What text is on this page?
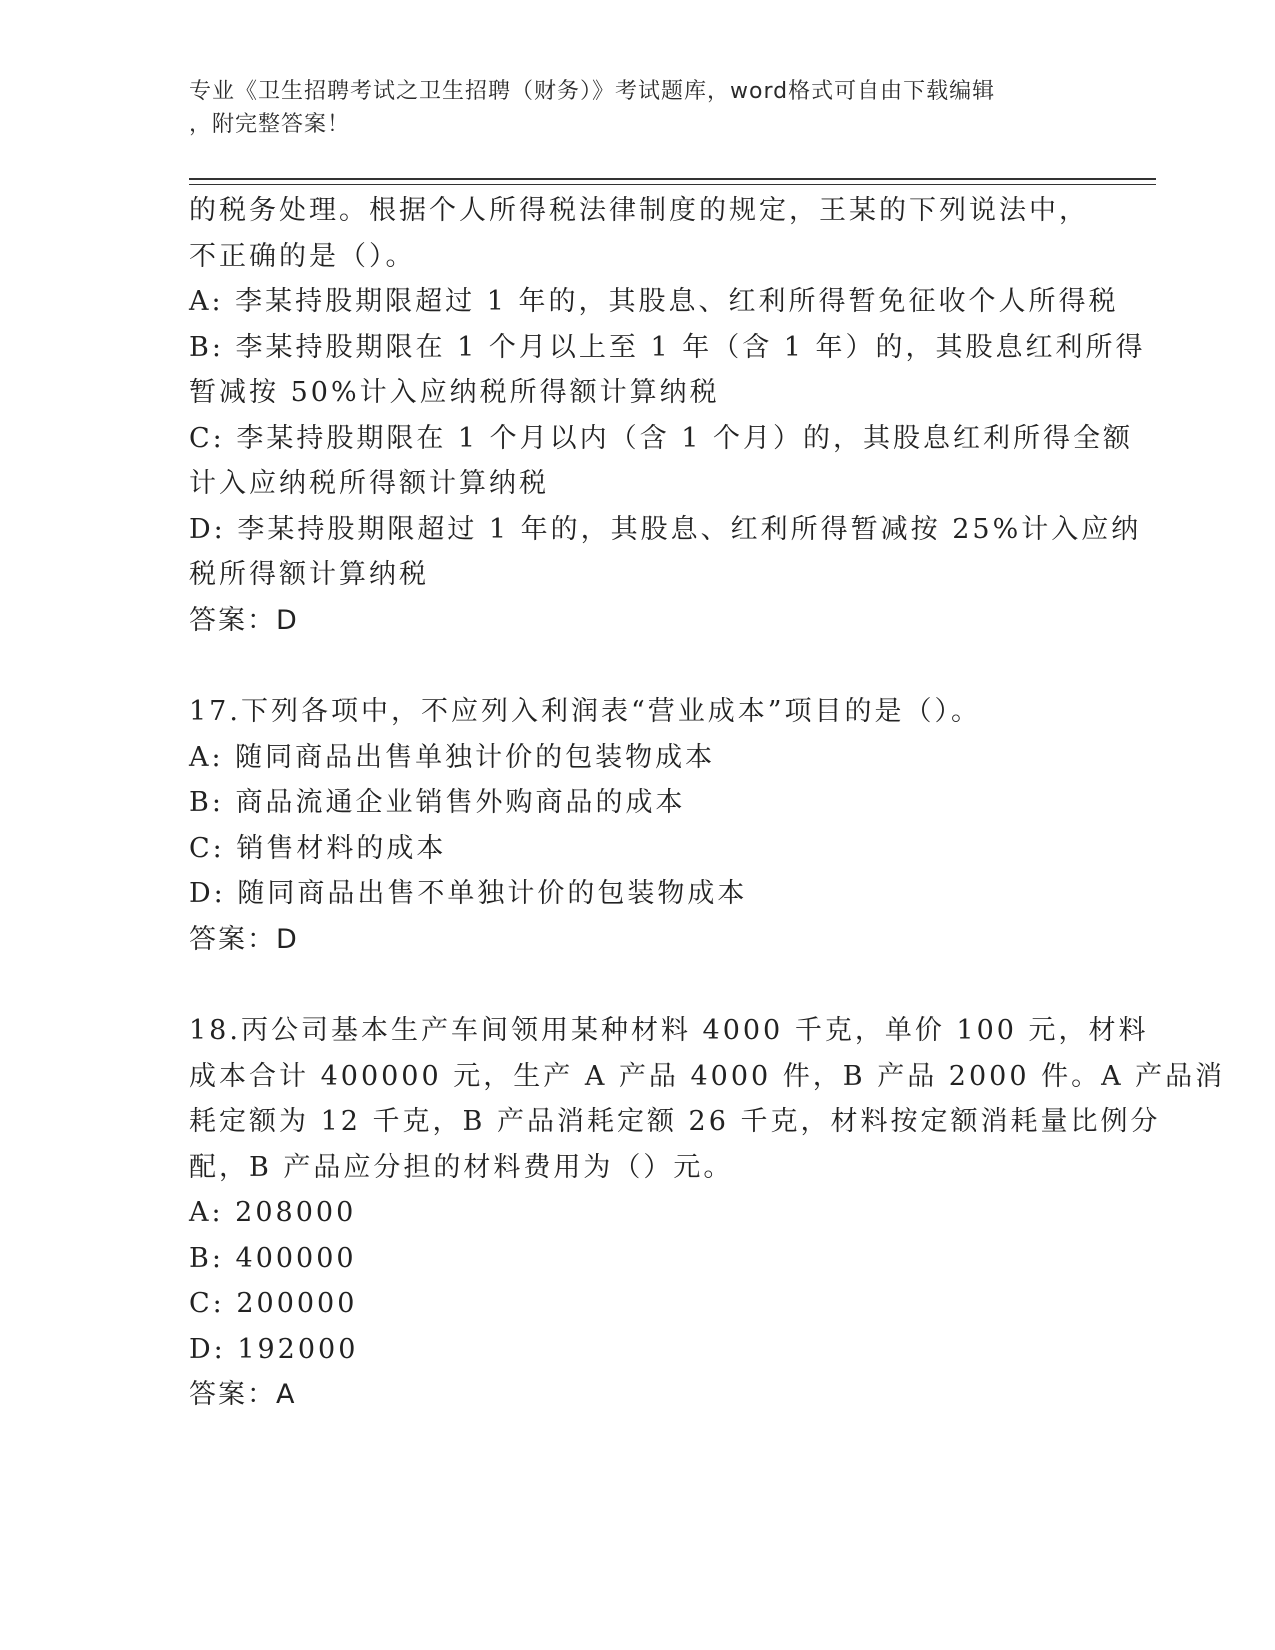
专业《卫生招聘考试之卫生招聘（财务）》考试题库，word格式可自由下载编辑
，附完整答案！
的税务处理。根据个人所得税法律制度的规定，王某的下列说法中，
不正确的是（）。
A: 李某持股期限超过 1 年的，其股息、红利所得暂免征收个人所得税
B: 李某持股期限在 1 个月以上至 1 年（含 1 年）的，其股息红利所得
暂减按 50%计入应纳税所得额计算纳税
C: 李某持股期限在 1 个月以内（含 1 个月）的，其股息红利所得全额
计入应纳税所得额计算纳税
D: 李某持股期限超过 1 年的，其股息、红利所得暂减按 25%计入应纳
税所得额计算纳税
答案：D
17.下列各项中，不应列入利润表“营业成本”项目的是（）。
A: 随同商品出售单独计价的包装物成本
B: 商品流通企业销售外购商品的成本
C: 销售材料的成本
D: 随同商品出售不单独计价的包装物成本
答案：D
18.丙公司基本生产车间领用某种材料 4000 千克，单价 100 元，材料
成本合计 400000 元，生产 A 产品 4000 件，B 产品 2000 件。A 产品消
耗定额为 12 千克，B 产品消耗定额 26 千克，材料按定额消耗量比例分
配，B 产品应分担的材料费用为（）元。
A: 208000
B: 400000
C: 200000
D: 192000
答案：A
